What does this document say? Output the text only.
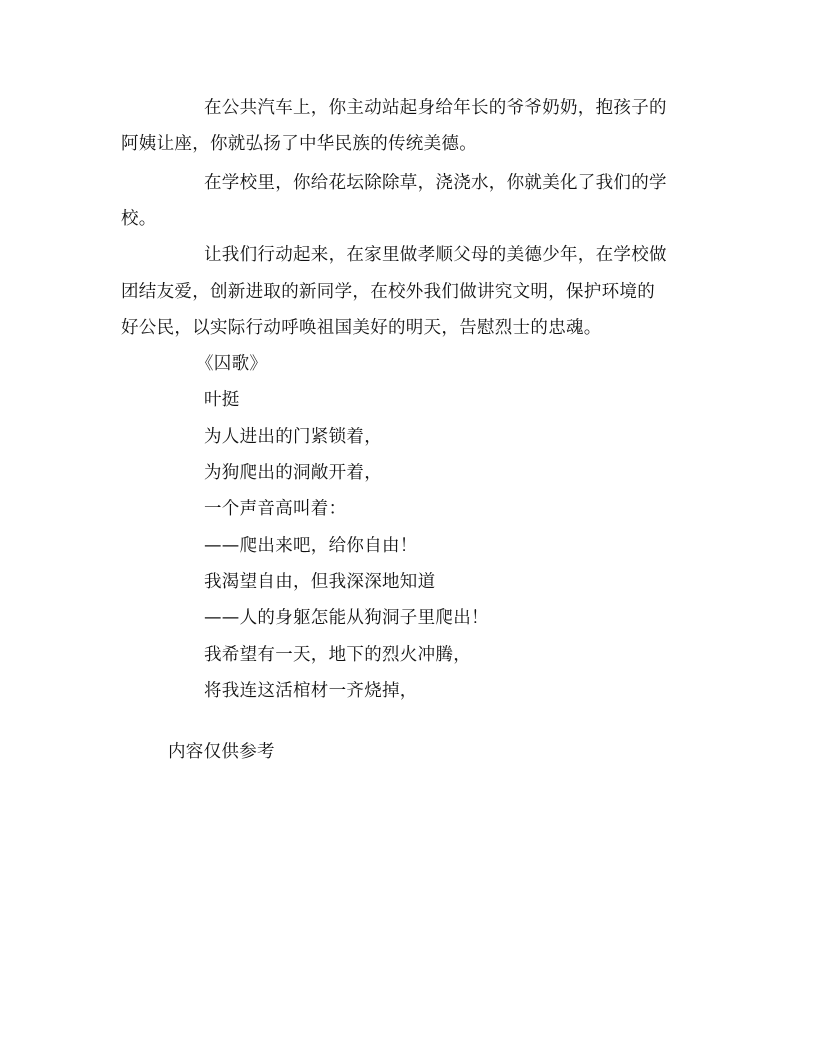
在公共汽车上，你主动站起身给年长的爷爷奶奶，抱孩子的
阿姨让座，你就弘扬了中华民族的传统美德。
在学校里，你给花坛除除草，浇浇水，你就美化了我们的学
校。
让我们行动起来，在家里做孝顺父母的美德少年，在学校做
团结友爱，创新进取的新同学，在校外我们做讲究文明，保护环境的
好公民，以实际行动呼唤祖国美好的明天，告慰烈士的忠魂。
《囚歌》
叶挺
为人进出的门紧锁着，
为狗爬出的洞敞开着，
一个声音高叫着：
——爬出来吧，给你自由！
我渴望自由，但我深深地知道
——人的身躯怎能从狗洞子里爬出！
我希望有一天，地下的烈火冲腾，
将我连这活棺材一齐烧掉，
内容仅供参考
